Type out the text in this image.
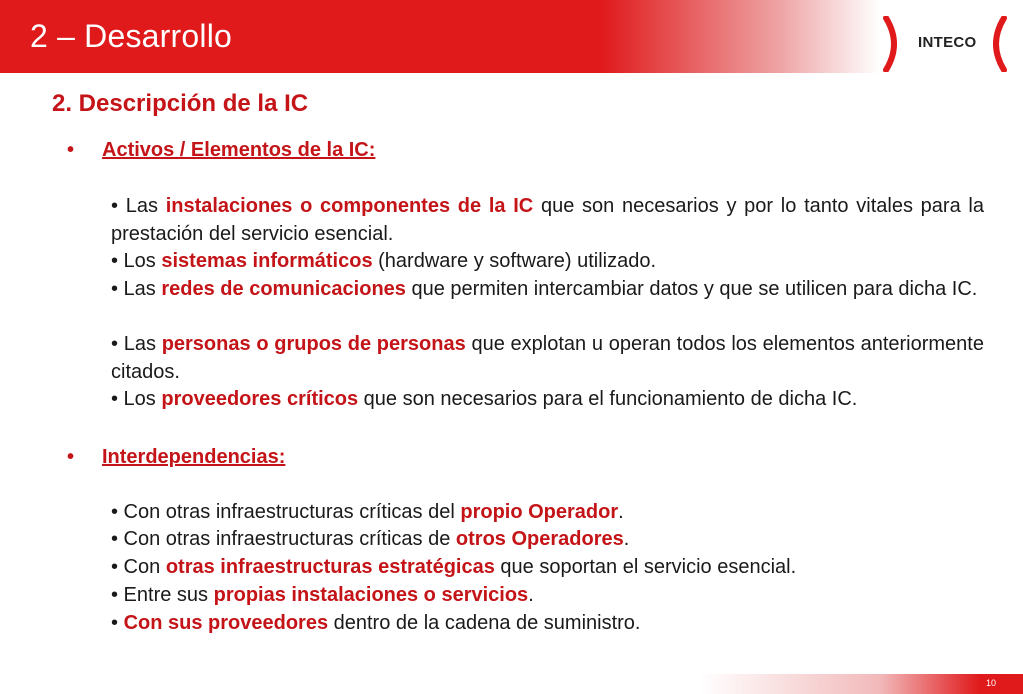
2 – Desarrollo	INTECO
2. Descripción de la IC
• Activos / Elementos de la IC:
• Las instalaciones o componentes de la IC que son necesarios y por lo tanto vitales para la prestación del servicio esencial.
• Los sistemas informáticos (hardware y software) utilizado.
• Las redes de comunicaciones que permiten intercambiar datos y que se utilicen para dicha IC.
• Las personas o grupos de personas que explotan u operan todos los elementos anteriormente citados.
• Los proveedores críticos que son necesarios para el funcionamiento de dicha IC.
• Interdependencias:
• Con otras infraestructuras críticas del propio Operador.
• Con otras infraestructuras críticas de otros Operadores.
• Con otras infraestructuras estratégicas que soportan el servicio esencial.
• Entre sus propias instalaciones o servicios.
• Con sus proveedores dentro de la cadena de suministro.
10
